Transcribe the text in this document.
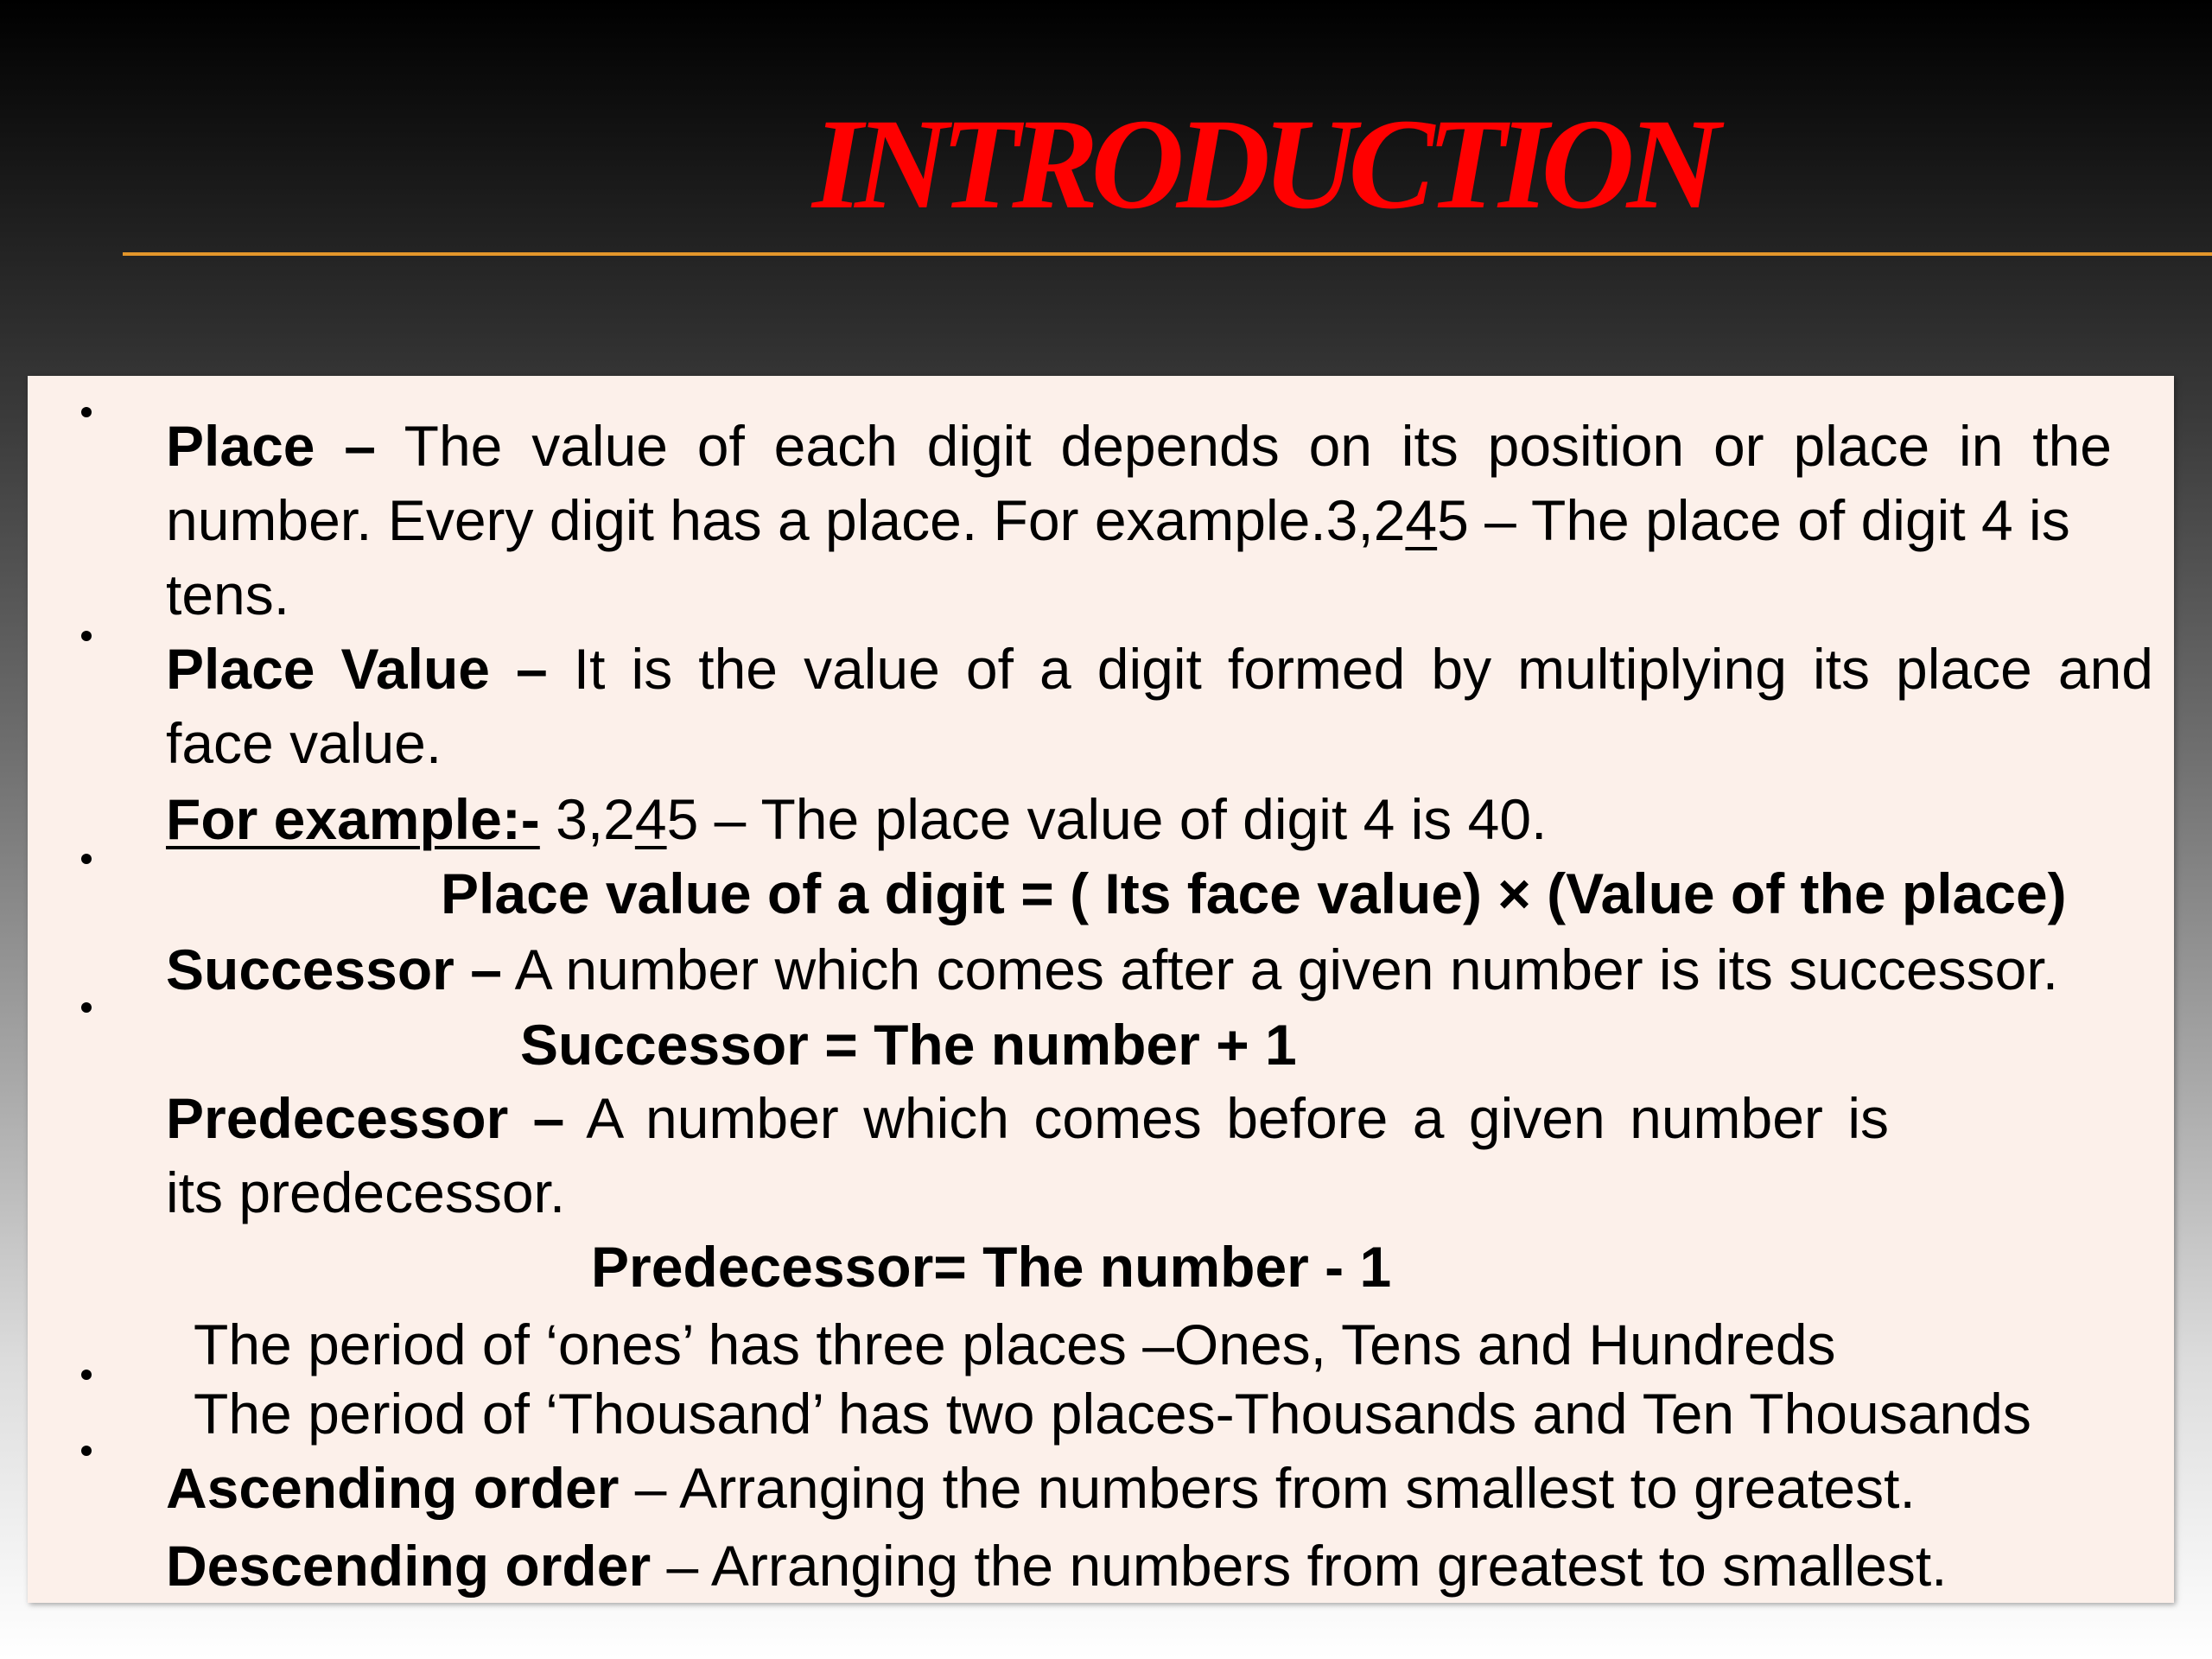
INTRODUCTION
Place – The value of each digit depends on its position or place in the
number. Every digit has a place. For example.3,245 – The place of digit 4 is
tens.
Place Value – It is the value of a digit formed by multiplying its place and
face value.
For example:- 3,245 – The place value of digit 4 is 40.
Place value of a digit = ( Its face value) × (Value of the place)
Successor – A number which comes after a given number is its successor.
Successor = The number + 1
Predecessor – A number which comes before a given number is
its predecessor.
Predecessor= The number - 1
The period of ‘ones’ has three places –Ones, Tens and Hundreds
The period of ‘Thousand’ has two places-Thousands and Ten Thousands
Ascending order – Arranging the numbers from smallest to greatest.
Descending order – Arranging the numbers from greatest to smallest.
